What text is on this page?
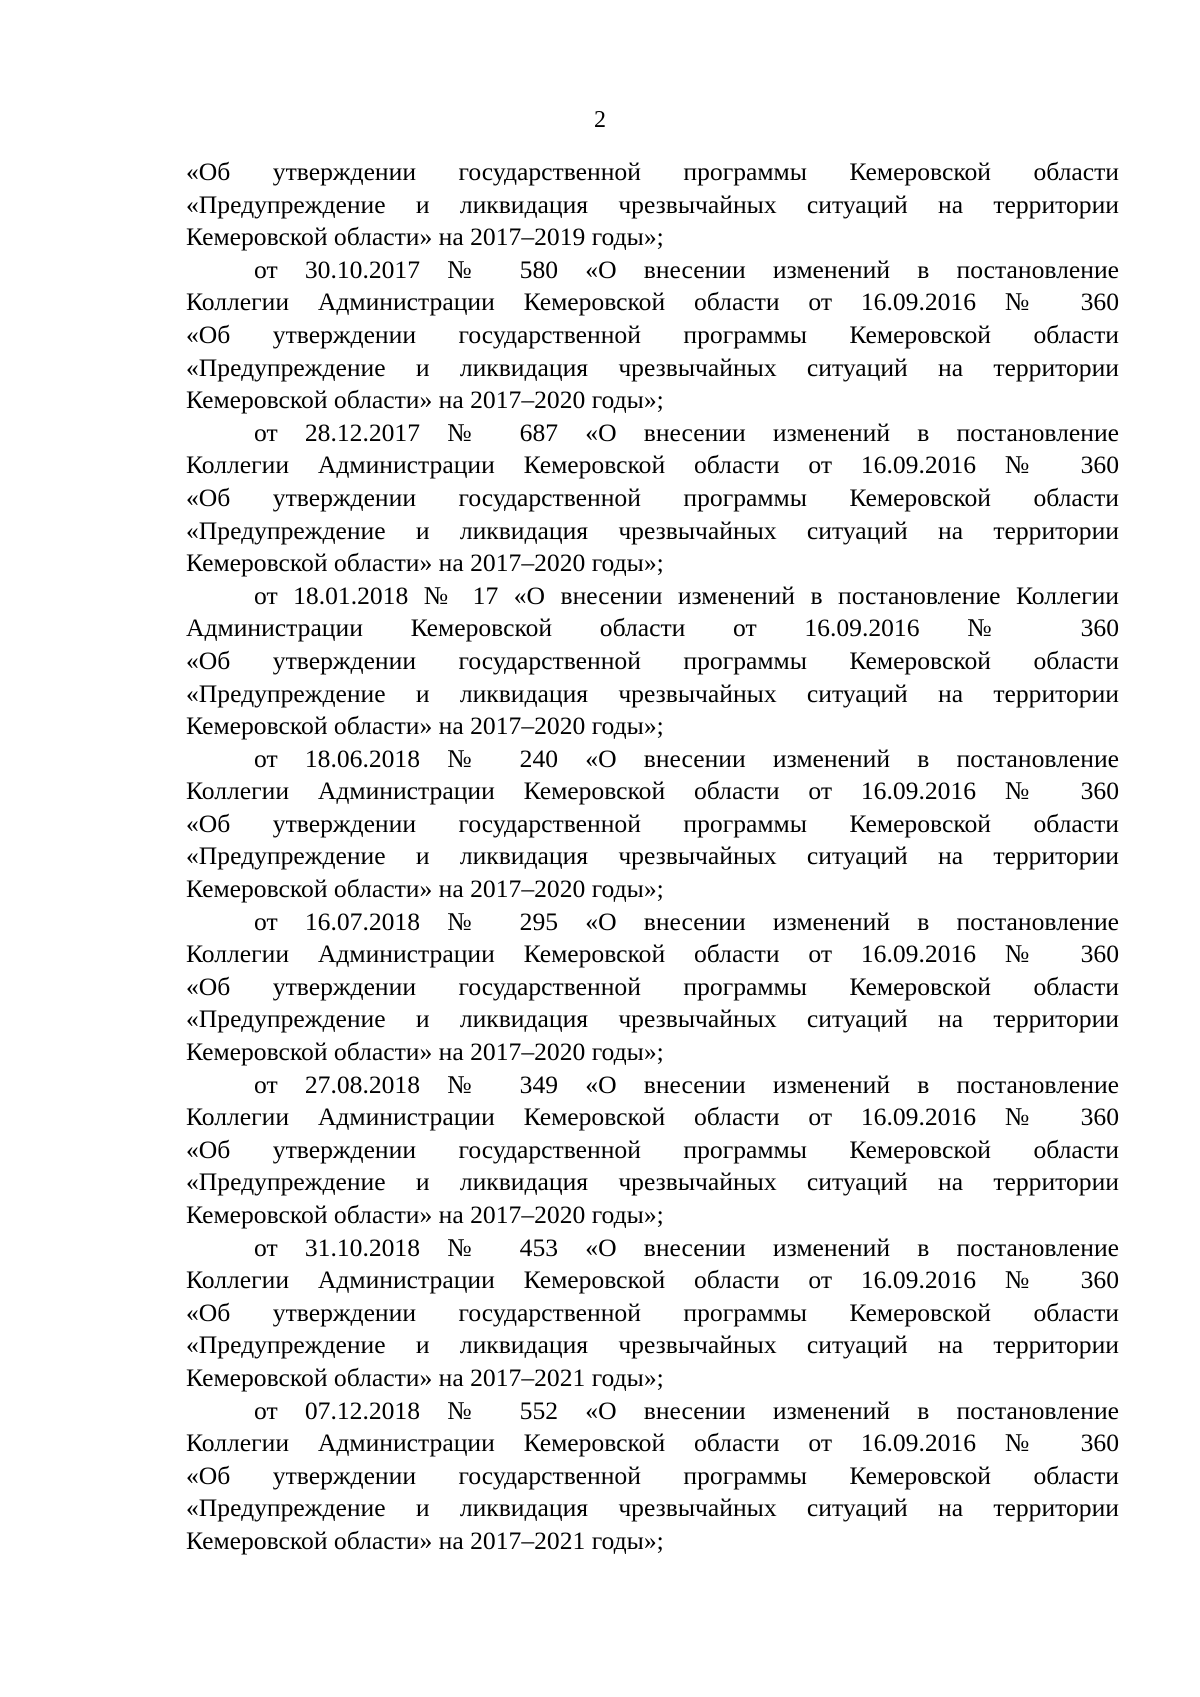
2
«Об утверждении государственной программы Кемеровской области
«Предупреждение и ликвидация чрезвычайных ситуаций на территории
Кемеровской области» на 2017–2019 годы»;
от 30.10.2017 № 580 «О внесении изменений в постановление
Коллегии Администрации Кемеровской области от 16.09.2016 № 360
«Об утверждении государственной программы Кемеровской области
«Предупреждение и ликвидация чрезвычайных ситуаций на территории
Кемеровской области» на 2017–2020 годы»;
от 28.12.2017 № 687 «О внесении изменений в постановление
Коллегии Администрации Кемеровской области от 16.09.2016 № 360
«Об утверждении государственной программы Кемеровской области
«Предупреждение и ликвидация чрезвычайных ситуаций на территории
Кемеровской области» на 2017–2020 годы»;
от 18.01.2018 № 17 «О внесении изменений в постановление Коллегии
Администрации Кемеровской области от 16.09.2016 № 360
«Об утверждении государственной программы Кемеровской области
«Предупреждение и ликвидация чрезвычайных ситуаций на территории
Кемеровской области» на 2017–2020 годы»;
от 18.06.2018 № 240 «О внесении изменений в постановление
Коллегии Администрации Кемеровской области от 16.09.2016 № 360
«Об утверждении государственной программы Кемеровской области
«Предупреждение и ликвидация чрезвычайных ситуаций на территории
Кемеровской области» на 2017–2020 годы»;
от 16.07.2018 № 295 «О внесении изменений в постановление
Коллегии Администрации Кемеровской области от 16.09.2016 № 360
«Об утверждении государственной программы Кемеровской области
«Предупреждение и ликвидация чрезвычайных ситуаций на территории
Кемеровской области» на 2017–2020 годы»;
от 27.08.2018 № 349 «О внесении изменений в постановление
Коллегии Администрации Кемеровской области от 16.09.2016 № 360
«Об утверждении государственной программы Кемеровской области
«Предупреждение и ликвидация чрезвычайных ситуаций на территории
Кемеровской области» на 2017–2020 годы»;
от 31.10.2018 № 453 «О внесении изменений в постановление
Коллегии Администрации Кемеровской области от 16.09.2016 № 360
«Об утверждении государственной программы Кемеровской области
«Предупреждение и ликвидация чрезвычайных ситуаций на территории
Кемеровской области» на 2017–2021 годы»;
от 07.12.2018 № 552 «О внесении изменений в постановление
Коллегии Администрации Кемеровской области от 16.09.2016 № 360
«Об утверждении государственной программы Кемеровской области
«Предупреждение и ликвидация чрезвычайных ситуаций на территории
Кемеровской области» на 2017–2021 годы»;
